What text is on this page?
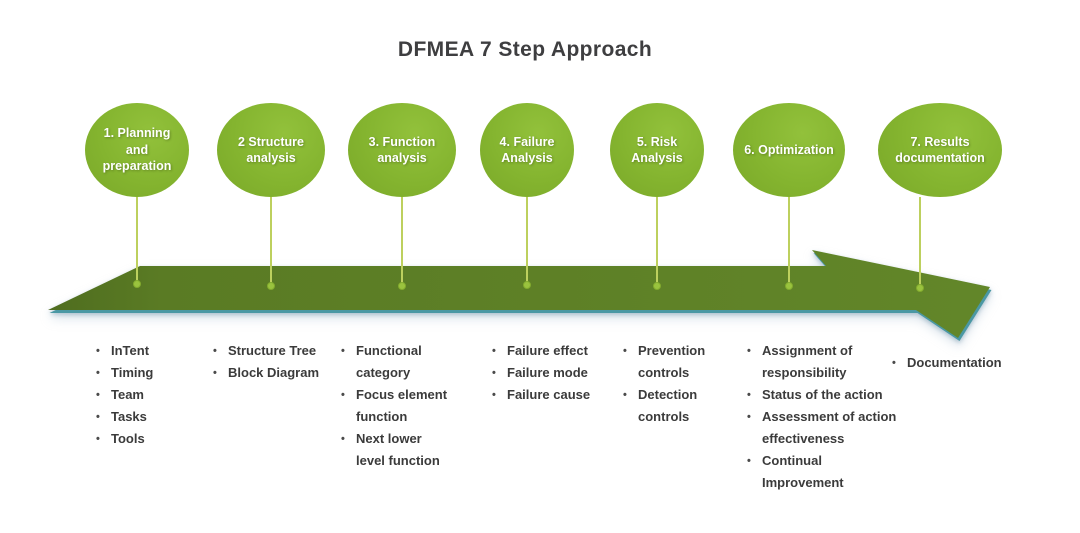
DFMEA 7 Step Approach
1. Planning and preparation
2 Structure analysis
3. Function analysis
4. Failure Analysis
5. Risk Analysis
6. Optimization
7. Results documentation
• InTent
• Timing
• Team
• Tasks
• Tools
• Structure Tree
• Block Diagram
• Functional category
• Focus element function
• Next lower level function
• Failure effect
• Failure mode
• Failure cause
• Prevention controls
• Detection controls
• Assignment of responsibility
• Status of the action
• Assessment of action effectiveness
• Continual Improvement
• Documentation
